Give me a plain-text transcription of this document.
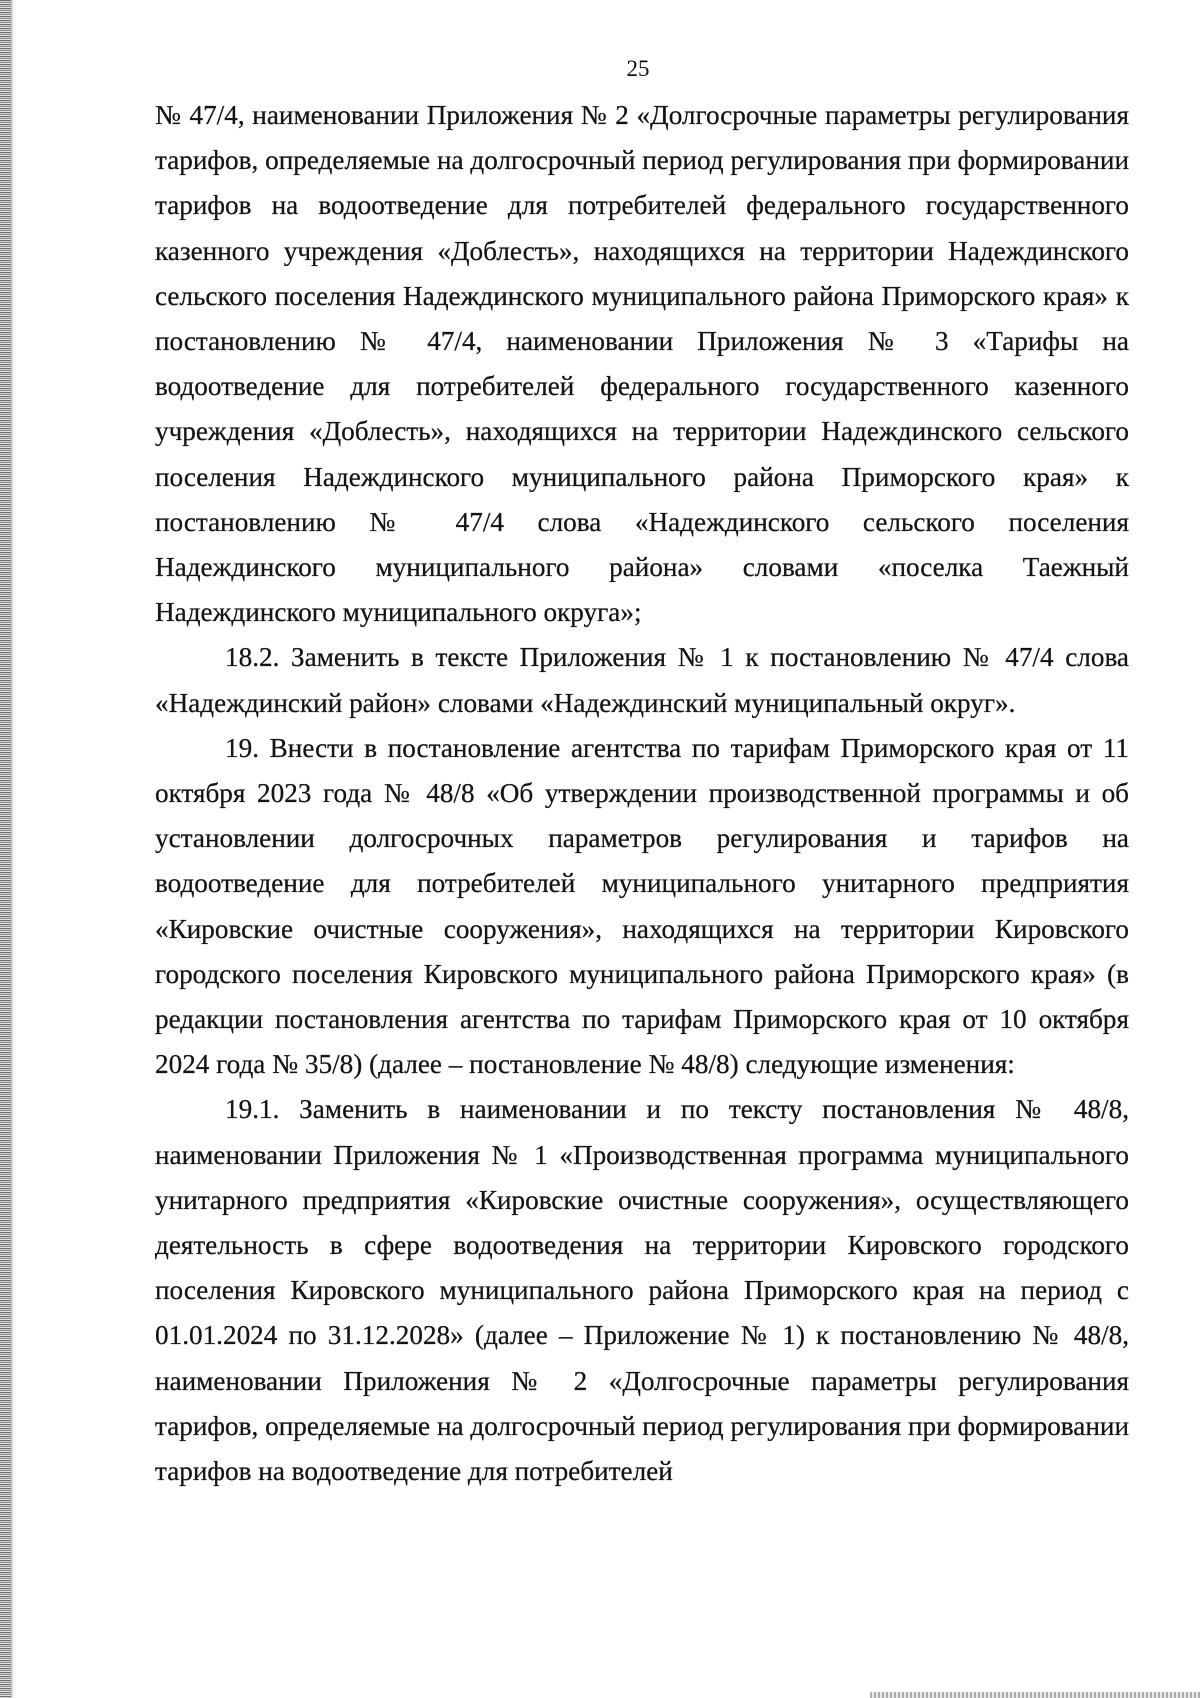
25

№ 47/4, наименовании Приложения № 2 «Долгосрочные параметры регулирования тарифов, определяемые на долгосрочный период регулирования при формировании тарифов на водоотведение для потребителей федерального государственного казенного учреждения «Доблесть», находящихся на территории Надеждинского сельского поселения Надеждинского муниципального района Приморского края» к постановлению № 47/4, наименовании Приложения № 3 «Тарифы на водоотведение для потребителей федерального государственного казенного учреждения «Доблесть», находящихся на территории Надеждинского сельского поселения Надеждинского муниципального района Приморского края» к постановлению № 47/4 слова «Надеждинского сельского поселения Надеждинского муниципального района» словами «поселка Таежный Надеждинского муниципального округа»;

18.2. Заменить в тексте Приложения № 1 к постановлению № 47/4 слова «Надеждинский район» словами «Надеждинский муниципальный округ».

19. Внести в постановление агентства по тарифам Приморского края от 11 октября 2023 года № 48/8 «Об утверждении производственной программы и об установлении долгосрочных параметров регулирования и тарифов на водоотведение для потребителей муниципального унитарного предприятия «Кировские очистные сооружения», находящихся на территории Кировского городского поселения Кировского муниципального района Приморского края» (в редакции постановления агентства по тарифам Приморского края от 10 октября 2024 года № 35/8) (далее – постановление № 48/8) следующие изменения:

19.1. Заменить в наименовании и по тексту постановления № 48/8, наименовании Приложения № 1 «Производственная программа муниципального унитарного предприятия «Кировские очистные сооружения», осуществляющего деятельность в сфере водоотведения на территории Кировского городского поселения Кировского муниципального района Приморского края на период с 01.01.2024 по 31.12.2028» (далее – Приложение № 1) к постановлению № 48/8, наименовании Приложения № 2 «Долгосрочные параметры регулирования тарифов, определяемые на долгосрочный период регулирования при формировании тарифов на водоотведение для потребителей
